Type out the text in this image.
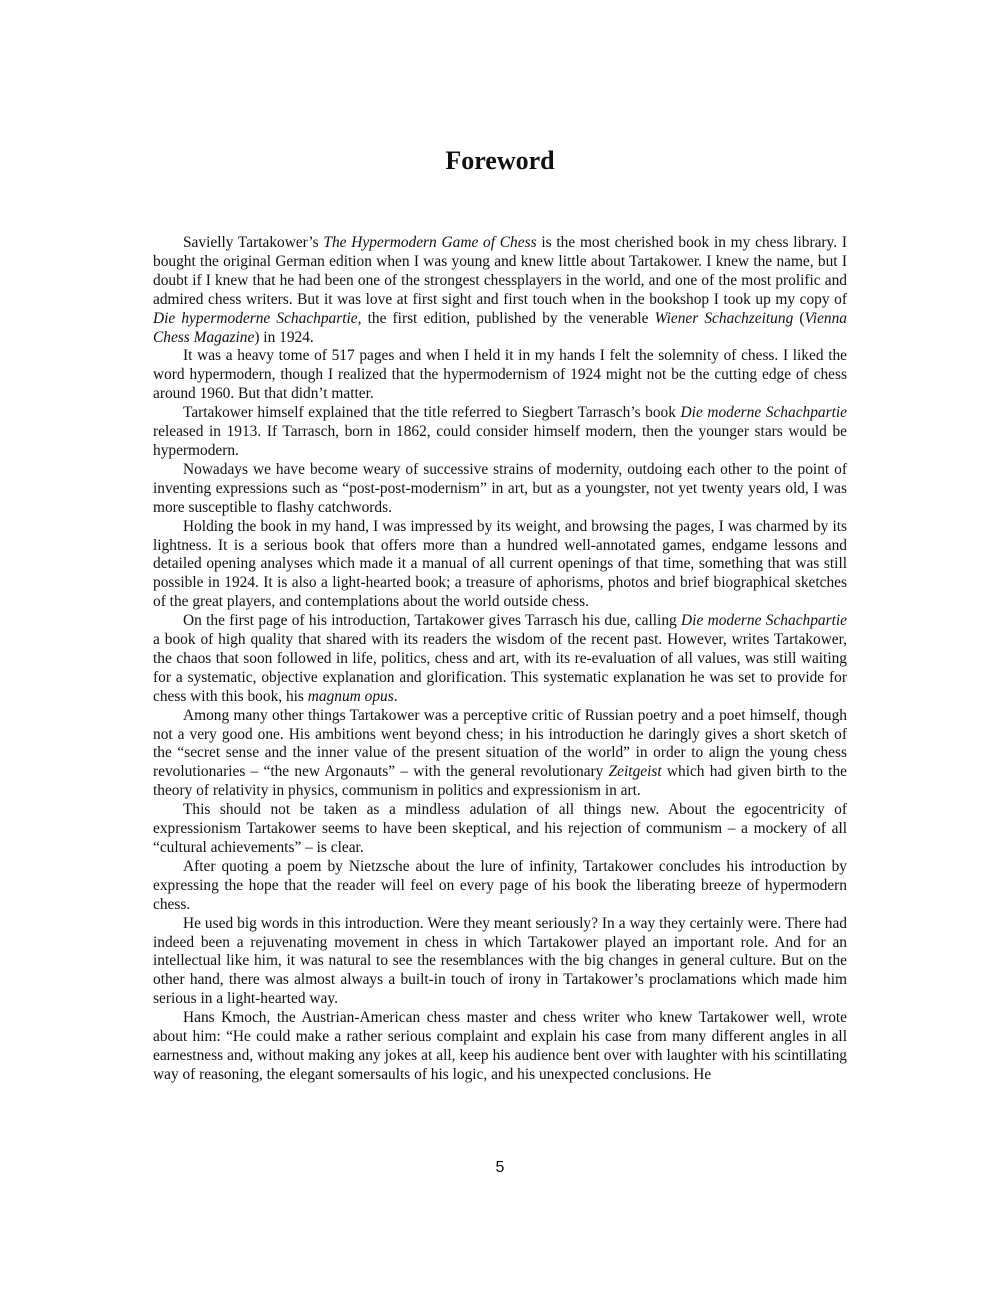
Foreword

Savielly Tartakower’s The Hypermodern Game of Chess is the most cherished book in my chess library. I bought the original German edition when I was young and knew little about Tartakower. I knew the name, but I doubt if I knew that he had been one of the strongest chessplayers in the world, and one of the most prolific and admired chess writers. But it was love at first sight and first touch when in the bookshop I took up my copy of Die hypermoderne Schachpartie, the first edition, published by the venerable Wiener Schachzeitung (Vienna Chess Magazine) in 1924.

It was a heavy tome of 517 pages and when I held it in my hands I felt the solemnity of chess. I liked the word hypermodern, though I realized that the hypermodernism of 1924 might not be the cutting edge of chess around 1960. But that didn’t matter.

Tartakower himself explained that the title referred to Siegbert Tarrasch’s book Die moderne Schachpartie released in 1913. If Tarrasch, born in 1862, could consider himself modern, then the younger stars would be hypermodern.

Nowadays we have become weary of successive strains of modernity, outdoing each other to the point of inventing expressions such as “post-post-modernism” in art, but as a youngster, not yet twenty years old, I was more susceptible to flashy catchwords.

Holding the book in my hand, I was impressed by its weight, and browsing the pages, I was charmed by its lightness. It is a serious book that offers more than a hundred well-annotated games, endgame lessons and detailed opening analyses which made it a manual of all current openings of that time, something that was still possible in 1924. It is also a light-hearted book; a treasure of aphorisms, photos and brief biographical sketches of the great players, and contemplations about the world outside chess.

On the first page of his introduction, Tartakower gives Tarrasch his due, calling Die moderne Schachpartie a book of high quality that shared with its readers the wisdom of the recent past. However, writes Tartakower, the chaos that soon followed in life, politics, chess and art, with its re-evaluation of all values, was still waiting for a systematic, objective explanation and glorification. This systematic explanation he was set to provide for chess with this book, his magnum opus.

Among many other things Tartakower was a perceptive critic of Russian poetry and a poet himself, though not a very good one. His ambitions went beyond chess; in his introduction he daringly gives a short sketch of the “secret sense and the inner value of the present situation of the world” in order to align the young chess revolutionaries – “the new Argonauts” – with the general revolutionary Zeitgeist which had given birth to the theory of relativity in physics, communism in politics and expressionism in art.

This should not be taken as a mindless adulation of all things new. About the egocentricity of expressionism Tartakower seems to have been skeptical, and his rejection of communism – a mockery of all “cultural achievements” – is clear.

After quoting a poem by Nietzsche about the lure of infinity, Tartakower concludes his introduction by expressing the hope that the reader will feel on every page of his book the liberating breeze of hypermodern chess.

He used big words in this introduction. Were they meant seriously? In a way they certainly were. There had indeed been a rejuvenating movement in chess in which Tartakower played an important role. And for an intellectual like him, it was natural to see the resemblances with the big changes in general culture. But on the other hand, there was almost always a built-in touch of irony in Tartakower’s proclamations which made him serious in a light-hearted way.

Hans Kmoch, the Austrian-American chess master and chess writer who knew Tartakower well, wrote about him: “He could make a rather serious complaint and explain his case from many different angles in all earnestness and, without making any jokes at all, keep his audience bent over with laughter with his scintillating way of reasoning, the elegant somersaults of his logic, and his unexpected conclusions. He

5
